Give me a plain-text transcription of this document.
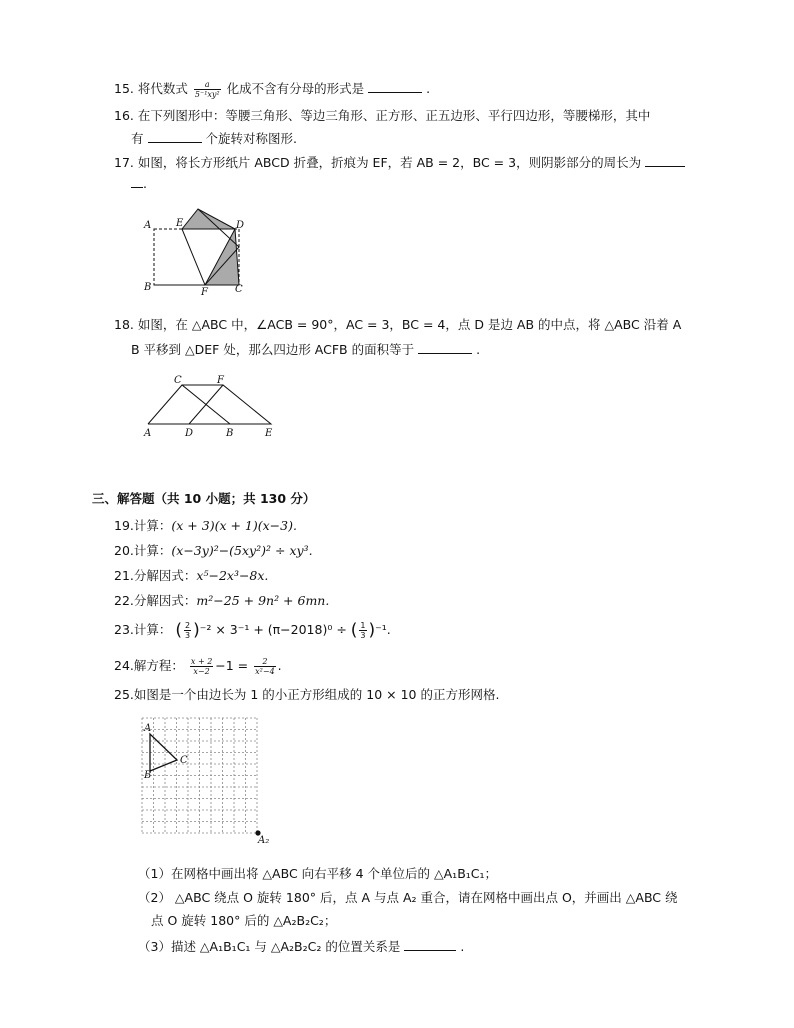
15. 将代数式 $\frac{a}{\text{5⁻¹xy²}}$ 化成不含有分母的形式是	.
16. 在下列图形中：等腰三角形、等边三角形、正方形、正五边形、平行四边形，等腰梯形，其中
有	个旋转对称图形.
17. 如图，将长方形纸片 ABCD 折叠，折痕为 EF，若 AB = 2，BC = 3，则阴影部分的周长为
.
A E	D
B	F	C
18. 如图，在 △ABC 中，∠ACB = 90°，AC = 3，BC = 4，点 D 是边 AB 的中点，将 △ABC 沿着 A
B 平移到 △DEF 处，那么四边形 ACFB 的面积等于	.
C	F
A	D	B	E
三、解答题（共 10 小题；共 130 分）
19.计算：(x + 3)(x + 1)(x−3).
20.计算：(x−3y)²−(5xy²)² ÷ xy³.
21.分解因式：x⁵−2x³−8x.
22.分解因式：m²−25 + 9n² + 6mn.
23.计算： ( $\frac{2}{3} )^{-2} \times 3^{-1} + (\pi-2018)^0$ ÷ ( $\frac{1}{3} )^{-1}$.
24.解方程： $\frac{x + 2}{x-2} -1 = \frac{2}{\text{x²−4}}$ .
25.如图是一个由边长为 1 的小正方形组成的 10 × 10 的正方形网格.
A
B
C
A₂
（1）在网格中画出将 △ABC 向右平移 4 个单位后的 △A₁B₁C₁；
（2） △ABC 绕点 O 旋转 180° 后，点 A 与点 A₂ 重合，请在网格中画出点 O，并画出 △ABC 绕
点 O 旋转 180° 后的 △A₂B₂C₂；
（3）描述 △A₁B₁C₁ 与 △A₂B₂C₂ 的位置关系是	.
